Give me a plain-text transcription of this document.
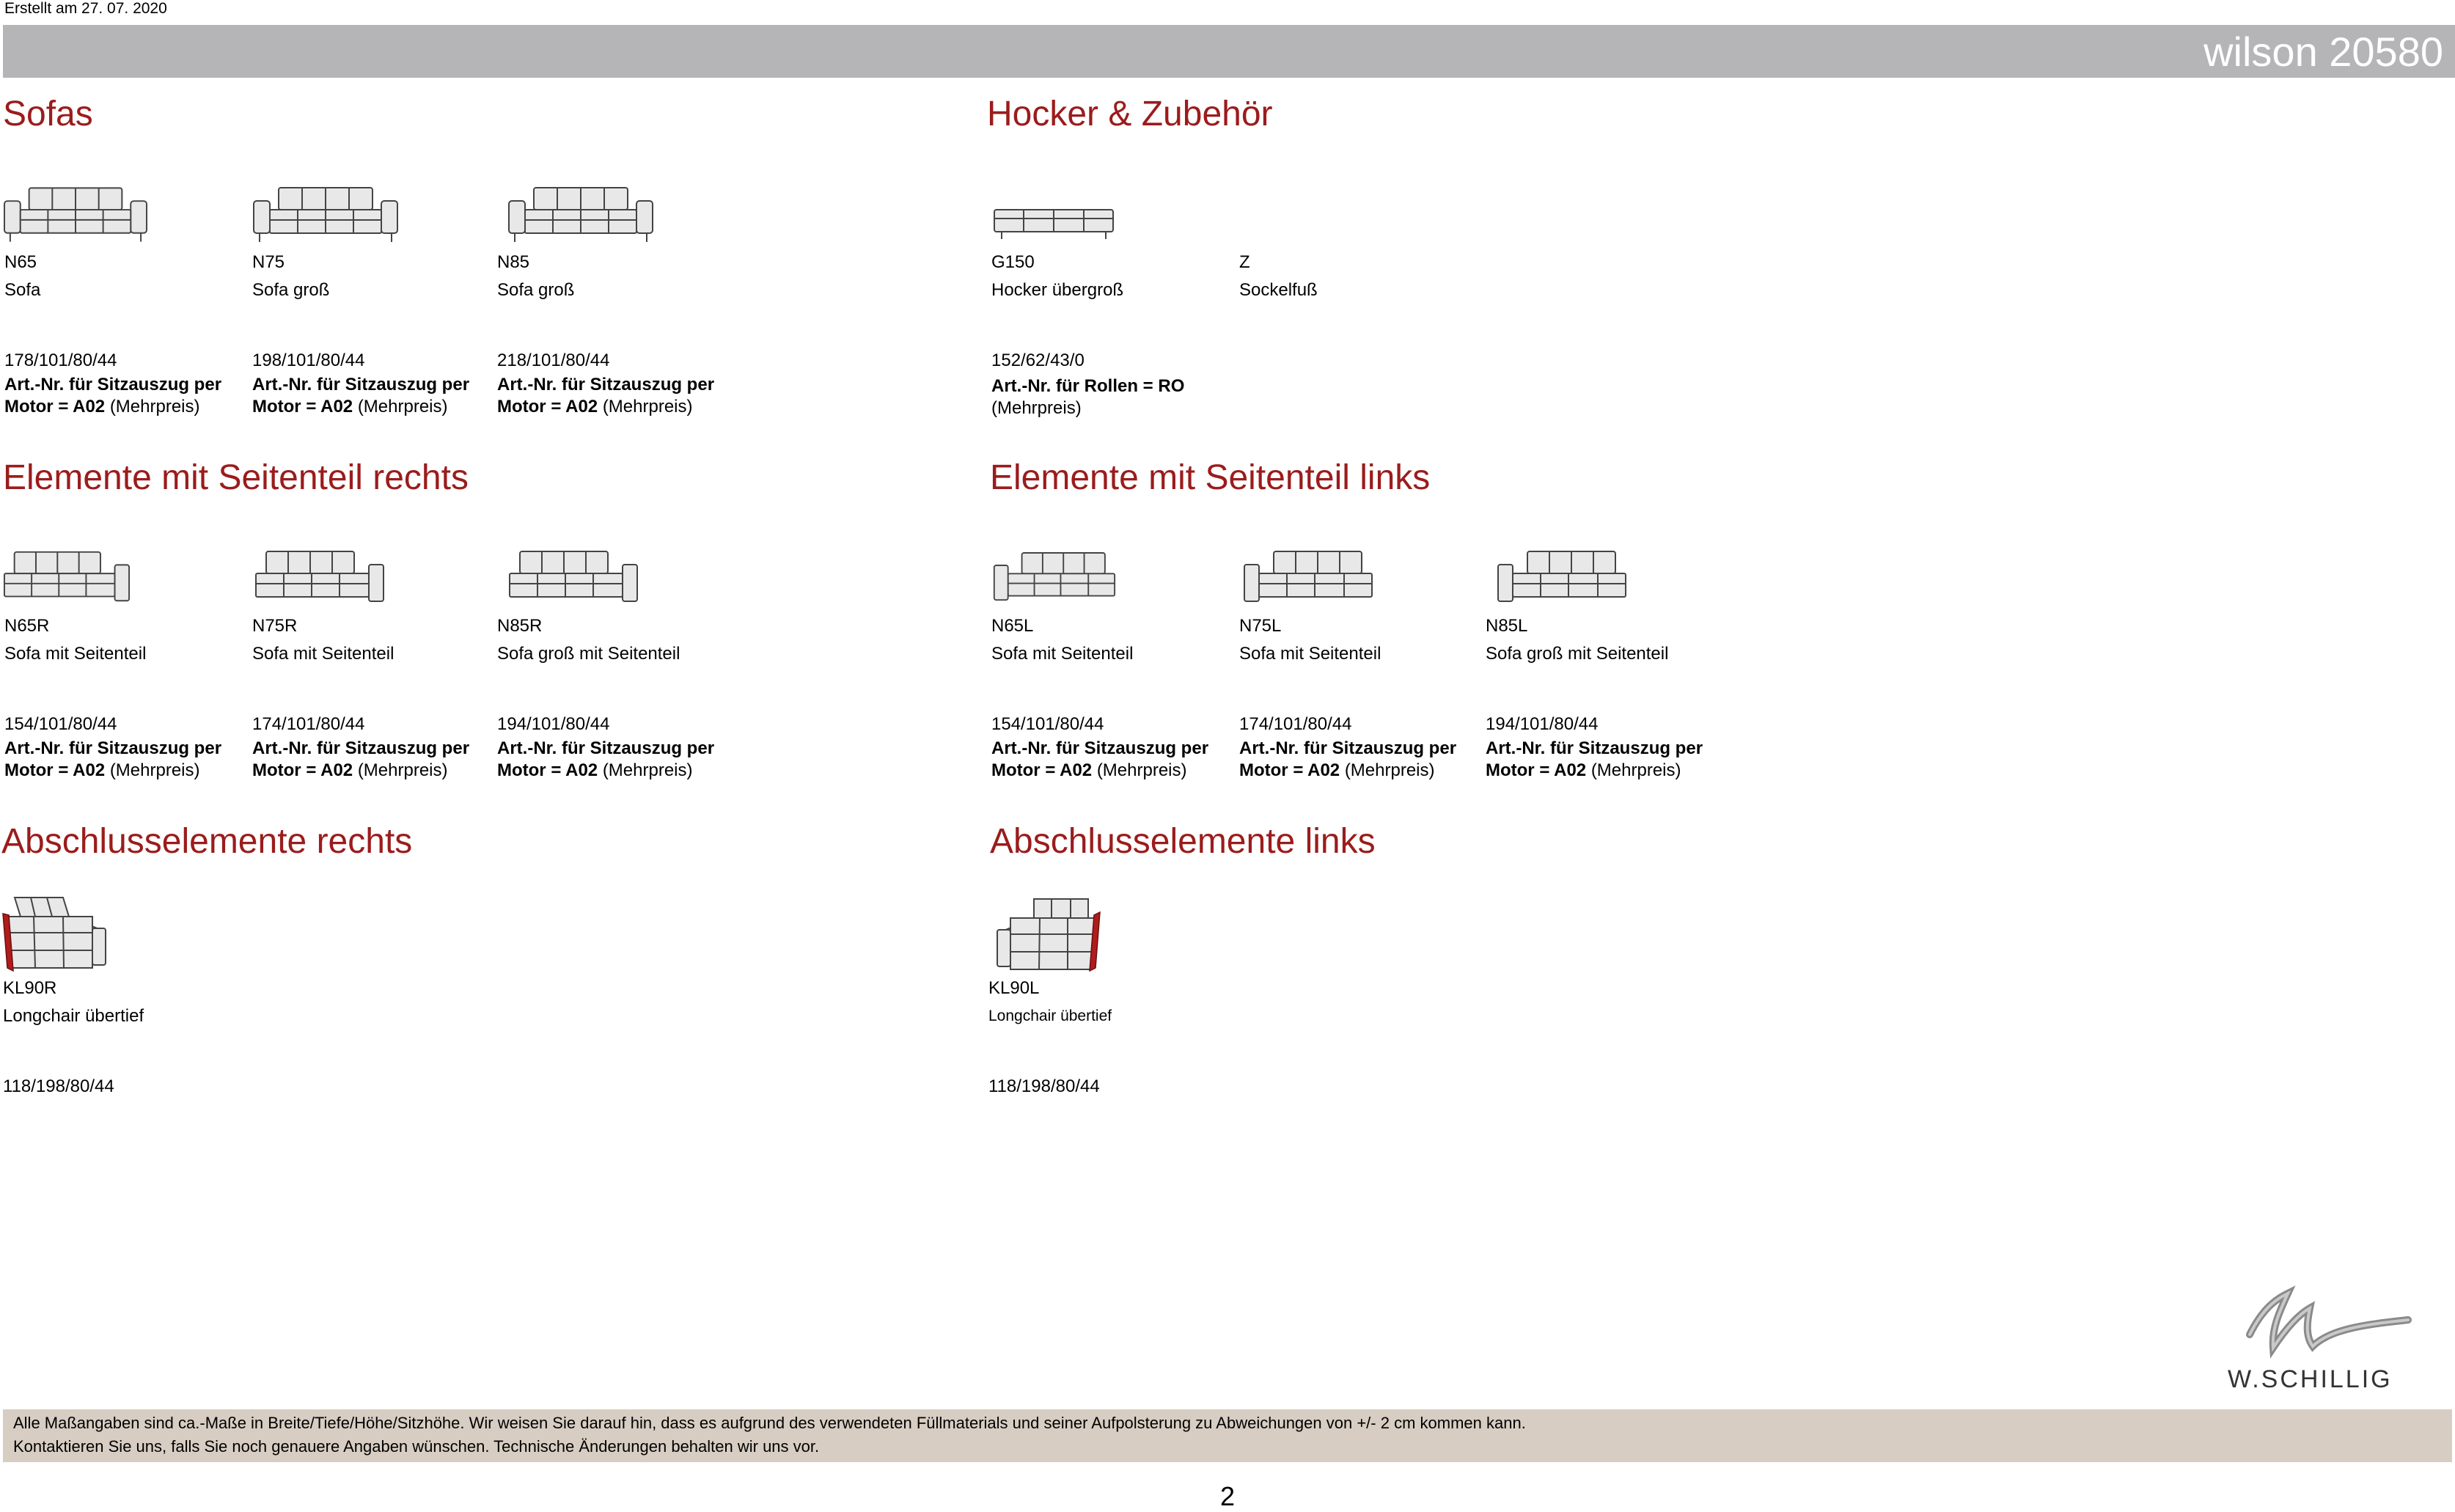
Erstellt am 27. 07. 2020
wilson 20580
Sofas
N65	N75	N85
Sofa	Sofa groß	Sofa groß
178/101/80/44	198/101/80/44	218/101/80/44
Art.-Nr. für Sitzauszug per
Motor = A02 (Mehrpreis)
Art.-Nr. für Sitzauszug per
Motor = A02 (Mehrpreis)
Art.-Nr. für Sitzauszug per
Motor = A02 (Mehrpreis)
Hocker & Zubehör
G150	Z
Hocker übergroß	Sockelfuß
152/62/43/0
Art.-Nr. für Rollen = RO
(Mehrpreis)
Elemente mit Seitenteil rechts
N65R	N75R	N85R
Sofa mit Seitenteil	Sofa mit Seitenteil	Sofa groß mit Seitenteil
154/101/80/44	174/101/80/44	194/101/80/44
Art.-Nr. für Sitzauszug per
Motor = A02 (Mehrpreis)
Art.-Nr. für Sitzauszug per
Motor = A02 (Mehrpreis)
Art.-Nr. für Sitzauszug per
Motor = A02 (Mehrpreis)
Elemente mit Seitenteil links
N65L	N75L	N85L
Sofa mit Seitenteil	Sofa mit Seitenteil	Sofa groß mit Seitenteil
154/101/80/44	174/101/80/44	194/101/80/44
Art.-Nr. für Sitzauszug per
Motor = A02 (Mehrpreis)
Art.-Nr. für Sitzauszug per
Motor = A02 (Mehrpreis)
Art.-Nr. für Sitzauszug per
Motor = A02 (Mehrpreis)
Abschlusselemente rechts
KL90R
Longchair übertief
118/198/80/44
Abschlusselemente links
KL90L
Longchair übertief
118/198/80/44
W.SCHILLIG
Alle Maßangaben sind ca.-Maße in Breite/Tiefe/Höhe/Sitzhöhe. Wir weisen Sie darauf hin, dass es aufgrund des verwendeten Füllmaterials und seiner Aufpolsterung zu Abweichungen von +/- 2 cm kommen kann.
Kontaktieren Sie uns, falls Sie noch genauere Angaben wünschen. Technische Änderungen behalten wir uns vor.
2
